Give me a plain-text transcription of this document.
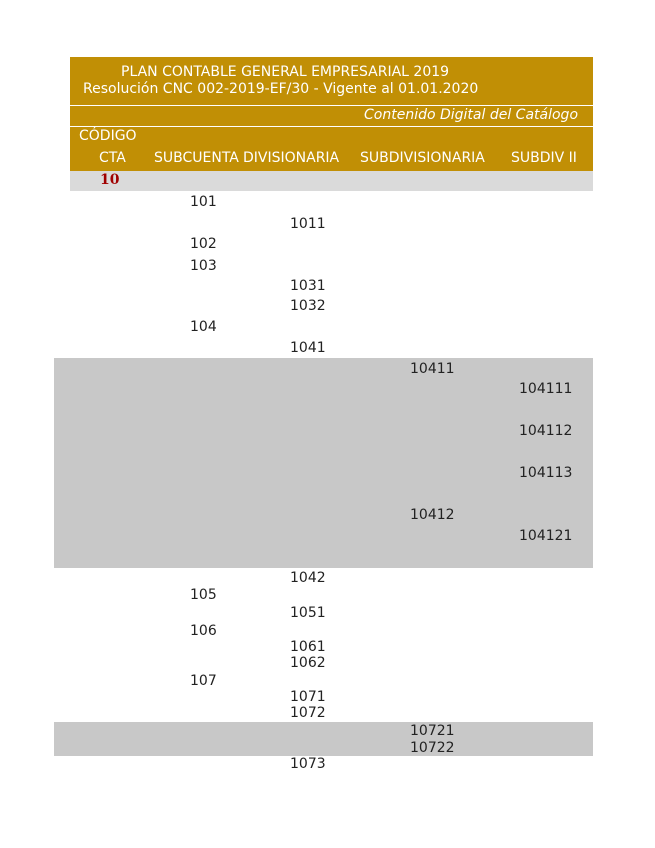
PLAN CONTABLE GENERAL EMPRESARIAL 2019
Resolución CNC 002-2019-EF/30 - Vigente al 01.01.2020
Contenido Digital del Catálogo
CÓDIGO
CTA SUBCUENTA DIVISIONARIA SUBDIVISIONARIA SUBDIV II
10
101
1011
102
103
1031
1032
104
1041
10411
104111
104112
104113
10412
104121
1042
105
1051
106
1061
1062
107
1071
1072
10721
10722
1073
